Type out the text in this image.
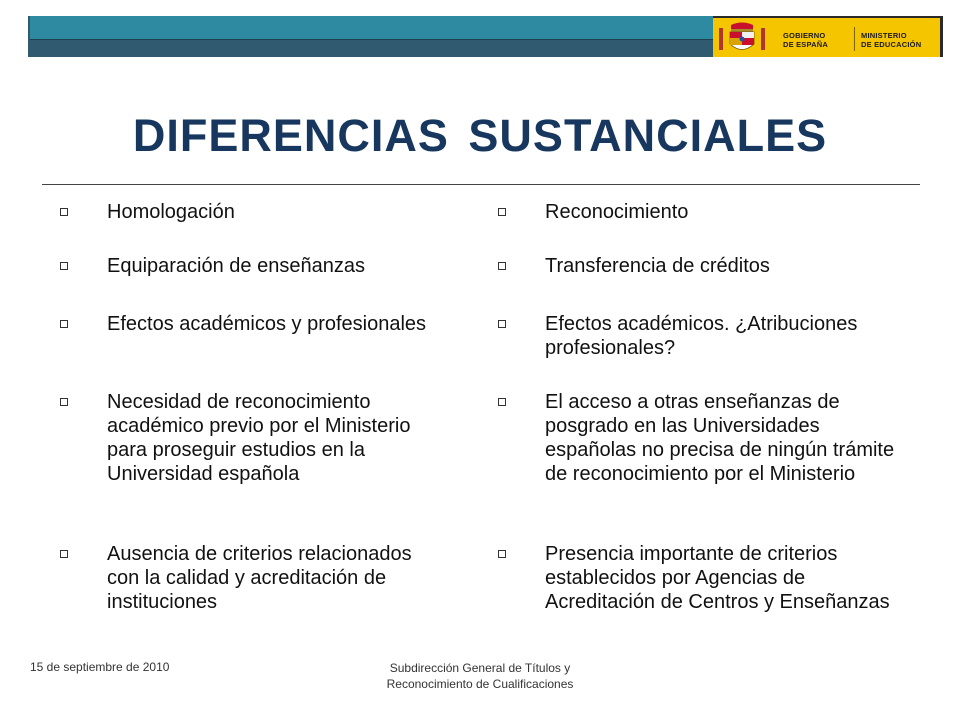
GOBIERNO
DE ESPAÑA
MINISTERIO
DE EDUCACIÓN
DIFERENCIAS SUSTANCIALES
Homologación
Equiparación de enseñanzas
Efectos académicos y profesionales
Necesidad de reconocimiento académico previo por el Ministerio para proseguir estudios en la Universidad española
Ausencia de criterios relacionados con la calidad y acreditación de instituciones
Reconocimiento
Transferencia de créditos
Efectos académicos. ¿Atribuciones profesionales?
El acceso a otras enseñanzas de posgrado en las Universidades españolas no precisa de ningún trámite de reconocimiento por el Ministerio
Presencia importante de criterios establecidos por Agencias de Acreditación de Centros y Enseñanzas
15 de septiembre de 2010	Subdirección General de Títulos y
Reconocimiento de Cualificaciones
